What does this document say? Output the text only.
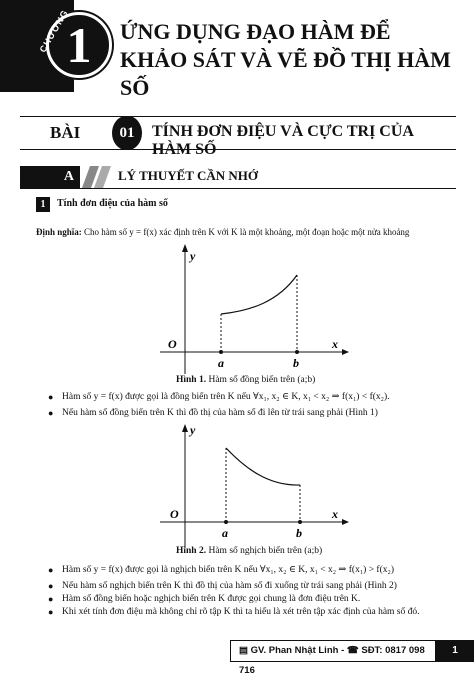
1
CHƯƠNG ỨNG DỤNG ĐẠO HÀM ĐỂ KHẢO SÁT VÀ VẼ ĐỒ THỊ HÀM SỐ
BÀI	01	TÍNH ĐƠN ĐIỆU VÀ CỰC TRỊ CỦA HÀM SỐ
A	LÝ THUYẾT CẦN NHỚ
1	Tính đơn điệu của hàm số
Định nghĩa: Cho hàm số y = f(x) xác định trên K với K là một khoảng, một đoạn hoặc một nửa khoảng
y
x
O
a	b
Hình 1. Hàm số đồng biến trên (a;b)
● Hàm số y = f(x) được gọi là đồng biến trên K nếu ∀x₁, x₂ ∈ K, x₁ < x₂ ⇒ f(x₁) < f(x₂).
● Nếu hàm số đồng biến trên K thì đồ thị của hàm số đi lên từ trái sang phải (Hình 1)
y
x
O
a	b
Hình 2. Hàm số nghịch biến trên (a;b)
● Hàm số y = f(x) được gọi là nghịch biến trên K nếu ∀x₁, x₂ ∈ K, x₁ < x₂ ⇒ f(x₁) > f(x₂)
● Nếu hàm số nghịch biến trên K thì đồ thị của hàm số đi xuống từ trái sang phải (Hình 2)
● Hàm số đồng biến hoặc nghịch biến trên K được gọi chung là đơn điệu trên K.
● Khi xét tính đơn điệu mà không chỉ rõ tập K thì ta hiểu là xét trên tập xác định của hàm số đó.
▤ GV. Phan Nhật Linh - ☎ SĐT: 0817 098 716
1
